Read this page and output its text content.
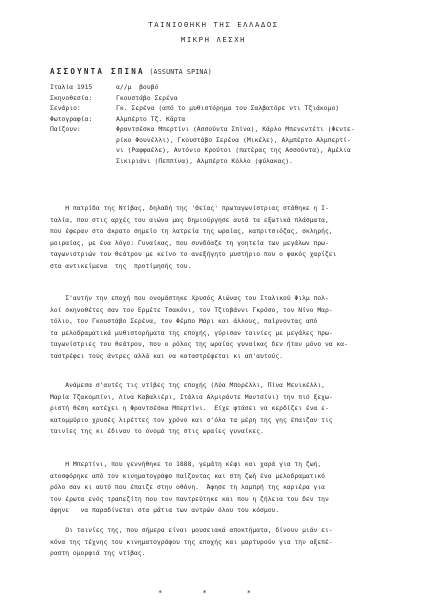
ΤΑΙΝΙΟΘΗΚΗ ΤΗΣ ΕΛΛΑΔΟΣ
ΜΙΚΡΗ ΛΕΣΧΗ
ΑΣΣΟΥΝΤΑ ΣΠΙΝΑ (ASSUNTA SPINA)
Ιταλία 1915	α//μ  βουβό
Σκηνοθεσία:	Γκουστάβο Σερένα
Σενάριο:	Γκ. Σερένα (από το μυθιστόρημα του Σαλβατόρε ντι Τζιάκομο)
Φωτογραφία:	Αλμπέρτο Τζ. Κάρτα
Παίζουν:	Φραντσέσκα Μπερτίνι (Ασσούντα Σπίνα), Κάρλο Μπενεντέτι (Φεντε-
ρίκο Φουνέλλι), Γκουστάβο Σερένα (Μικέλε), Αλμπέρτο Αλμπερτί-
νι (Ραφφαέλε), Αντόνιο Κρούτοι (πατέρας της Ασσούντα), Αμέλια
Σικιριάνι (Πεππίνα), Αλμπέρτο Κόλλο (φύλακας).
Η πατρίδα της Ντίβας, δηλαδή της 'Θεϊας' πρωταγωνίστριας στάθηκε η Ι-
ταλία, που στις αρχές του αιώνα μας δημιούργησε αυτά τα εξωτικά πλάσματα,
που έφεραν στο άκρατο σημείο τη λατρεία της ωραίας, καπριτσιόζας, σκληρής,
μοιραίας, με ένα λόγο: Γυναίκας, που συνδόαζε τη γοητεία των μεγάλων πρω-
ταγωνιστριών του θεάτρου με κείνο το ανεξήγητο μυστήριο που ο φακός χαρίζει
στα αντικείμενα  της  προτίμησής του.
Σ'αυτήν την εποχή που ονομάστηκε Χρυσός Αιώνας του Ιταλικού Φιλμ πολ-
λοί σκηνοθέτες σαν τον Ερμέτε Τσακόνι, τον Τζιοβάννι Γκρόσο, τον Νίνο Μαρ-
τόλιο, τον Γκουστάβο Σερένα, τον Φέμπο Μάρι και άλλους, παίρνοντας από
τα μελοδραματικά μυθιστορήματα της εποχής, γύρισαν ταινίες με μεγάλες πρω-
ταγωνίστριες του θεάτρου, που ο ρόλος της ωραίας γυναίκας δεν ήταν μόνο να κα-
ταστρέφει τους άντρες αλλά και να καταστρέφεται κι απ'αυτούς.
Ανάμεσα σ'αυτές τις ντίβες της εποχής (Λύα Μπορέλλι, Πίνα Μενικέλλι,
Μαρία Τζακομπίνι, Λίνα Καβαλιέρι, Ιτάλια Αλμιράντε Μαντσίνι) την πιό ξεχω-
ριστή θέση κατέχει η Φραντσέσκα Μπερτίνι.  Είχε φτάσει να κερδίζει ένα ε-
κατομμύριο χρυσές λιρέττες τον χρόνο και σ'όλα τα μέρη της γης έπαιζαν τις
ταινίες της κι έδιναν το όνομά της στις ωραίες γυναίκες.
Η Μπερτίνι, που γεννήθηκε το 1888, γεμάτη κέφι και χαρά για τη ζωή,
ατοσφόρηκε από τον κινηματογράφο παίζοντας και στη ζωή ένα μελοδραματικό
ρόλο σαν κι αυτό που έπαιζε στην οθόνη.  Άφησε τη λαμπρή της καριέρα για
τον έρωτα ενός τραπεζίτη που τον παντρεύτηκε και που η ζήλεια του δεν την
άφηνε   να παραδίνεται στα μάτια των αντρών όλου του κόσμου.
Οι ταινίες της, που σήμερα είναι μουσειακά αποκτήματα, δίνουν μιάν ει-
κόνα της τέχνης του κινηματογράφου της εποχής και μαρτυρούν για την αξεπέ-
ραστη ομορφιά της ντίβας.
* * *
